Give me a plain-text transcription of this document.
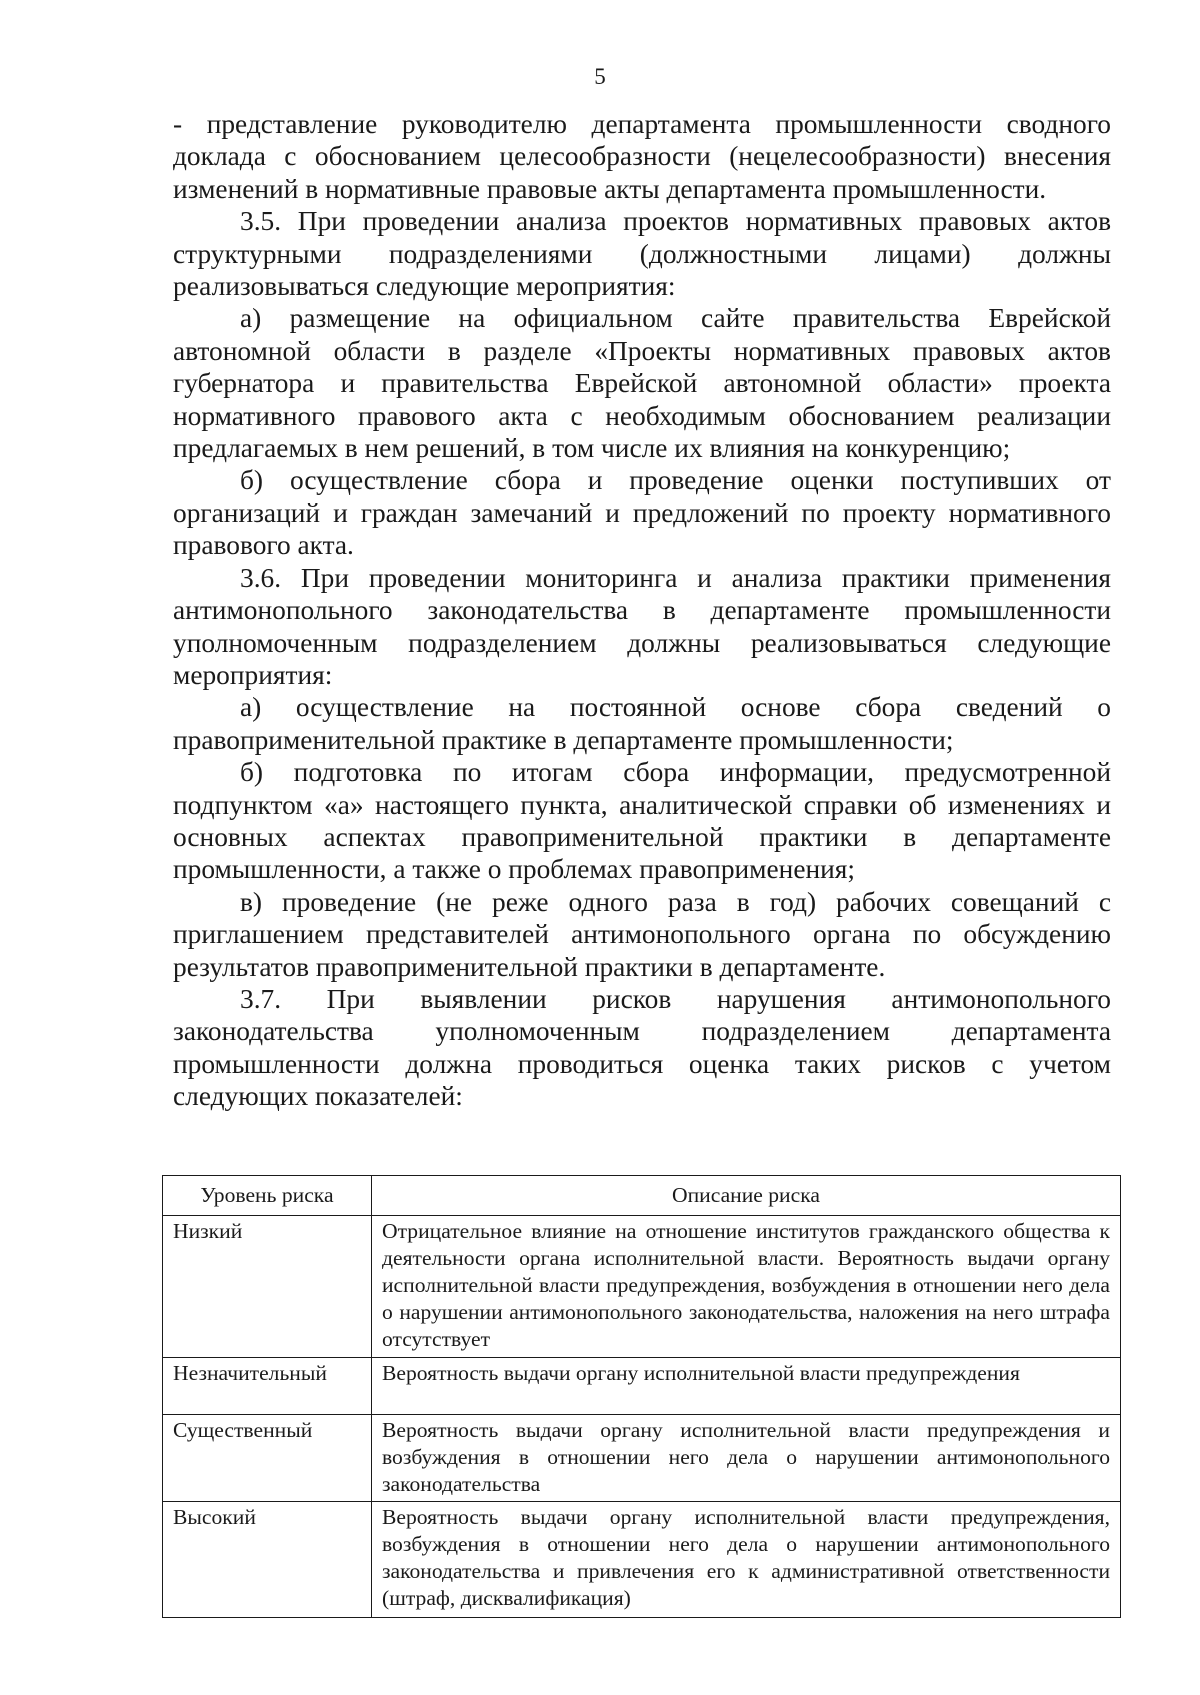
5

- представление руководителю департамента промышленности сводного доклада с обоснованием целесообразности (нецелесообразности) внесения изменений в нормативные правовые акты департамента промышленности.

3.5. При проведении анализа проектов нормативных правовых актов структурными подразделениями (должностными лицами) должны реализовываться следующие мероприятия:

а) размещение на официальном сайте правительства Еврейской автономной области в разделе «Проекты нормативных правовых актов губернатора и правительства Еврейской автономной области» проекта нормативного правового акта с необходимым обоснованием реализации предлагаемых в нем решений, в том числе их влияния на конкуренцию;

б) осуществление сбора и проведение оценки поступивших от организаций и граждан замечаний и предложений по проекту нормативного правового акта.

3.6. При проведении мониторинга и анализа практики применения антимонопольного законодательства в департаменте промышленности уполномоченным подразделением должны реализовываться следующие мероприятия:

а) осуществление на постоянной основе сбора сведений о правоприменительной практике в департаменте промышленности;

б) подготовка по итогам сбора информации, предусмотренной подпунктом «а» настоящего пункта, аналитической справки об изменениях и основных аспектах правоприменительной практики в департаменте промышленности, а также о проблемах правоприменения;

в) проведение (не реже одного раза в год) рабочих совещаний с приглашением представителей антимонопольного органа по обсуждению результатов правоприменительной практики в департаменте.

3.7. При выявлении рисков нарушения антимонопольного законодательства уполномоченным подразделением департамента промышленности должна проводиться оценка таких рисков с учетом следующих показателей:

Уровень риска	Описание риска
Низкий	Отрицательное влияние на отношение институтов гражданского общества к деятельности органа исполнительной власти. Вероятность выдачи органу исполнительной власти предупреждения, возбуждения в отношении него дела о нарушении антимонопольного законодательства, наложения на него штрафа отсутствует
Незначительный	Вероятность выдачи органу исполнительной власти предупреждения
Существенный	Вероятность выдачи органу исполнительной власти предупреждения и возбуждения в отношении него дела о нарушении антимонопольного законодательства
Высокий	Вероятность выдачи органу исполнительной власти предупреждения, возбуждения в отношении него дела о нарушении антимонопольного законодательства и привлечения его к административной ответственности (штраф, дисквалификация)
